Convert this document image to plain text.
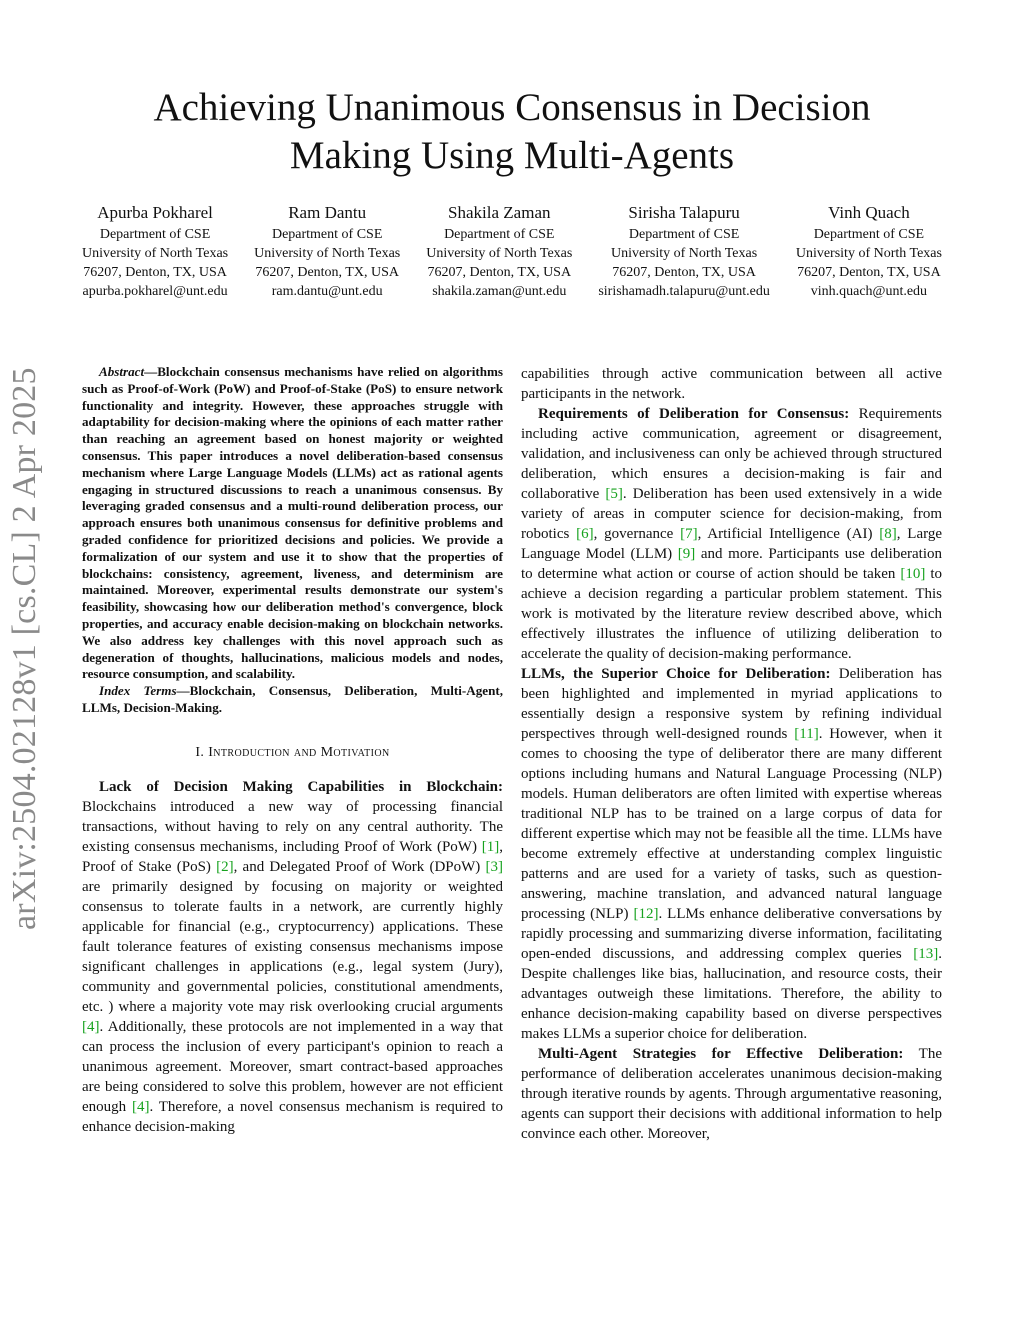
arXiv:2504.02128v1 [cs.CL] 2 Apr 2025
Achieving Unanimous Consensus in Decision Making Using Multi-Agents
Apurba Pokharel
Department of CSE
University of North Texas
76207, Denton, TX, USA
apurba.pokharel@unt.edu
Ram Dantu
Department of CSE
University of North Texas
76207, Denton, TX, USA
ram.dantu@unt.edu
Shakila Zaman
Department of CSE
University of North Texas
76207, Denton, TX, USA
shakila.zaman@unt.edu
Sirisha Talapuru
Department of CSE
University of North Texas
76207, Denton, TX, USA
sirishamadh.talapuru@unt.edu
Vinh Quach
Department of CSE
University of North Texas
76207, Denton, TX, USA
vinh.quach@unt.edu

Abstract—Blockchain consensus mechanisms have relied on algorithms such as Proof-of-Work (PoW) and Proof-of-Stake (PoS) to ensure network functionality and integrity. However, these approaches struggle with adaptability for decision-making where the opinions of each matter rather than reaching an agreement based on honest majority or weighted consensus. This paper introduces a novel deliberation-based consensus mechanism where Large Language Models (LLMs) act as rational agents engaging in structured discussions to reach a unanimous consensus. By leveraging graded consensus and a multi-round deliberation process, our approach ensures both unanimous consensus for definitive problems and graded confidence for prioritized decisions and policies. We provide a formalization of our system and use it to show that the properties of blockchains: consistency, agreement, liveness, and determinism are maintained. Moreover, experimental results demonstrate our system's feasibility, showcasing how our deliberation method's convergence, block properties, and accuracy enable decision-making on blockchain networks. We also address key challenges with this novel approach such as degeneration of thoughts, hallucinations, malicious models and nodes, resource consumption, and scalability.

Index Terms—Blockchain, Consensus, Deliberation, Multi-Agent, LLMs, Decision-Making.

I. Introduction and Motivation

Lack of Decision Making Capabilities in Blockchain: Blockchains introduced a new way of processing financial transactions, without having to rely on any central authority. The existing consensus mechanisms, including Proof of Work (PoW) [1], Proof of Stake (PoS) [2], and Delegated Proof of Work (DPoW) [3] are primarily designed by focusing on majority or weighted consensus to tolerate faults in a network, are currently highly applicable for financial (e.g., cryptocurrency) applications. These fault tolerance features of existing consensus mechanisms impose significant challenges in applications (e.g., legal system (Jury), community and governmental policies, constitutional amendments, etc. ) where a majority vote may risk overlooking crucial arguments [4]. Additionally, these protocols are not implemented in a way that can process the inclusion of every participant's opinion to reach a unanimous agreement. Moreover, smart contract-based approaches are being considered to solve this problem, however are not efficient enough [4]. Therefore, a novel consensus mechanism is required to enhance decision-making

capabilities through active communication between all active participants in the network.

Requirements of Deliberation for Consensus: Requirements including active communication, agreement or disagreement, validation, and inclusiveness can only be achieved through structured deliberation, which ensures a decision-making is fair and collaborative [5]. Deliberation has been used extensively in a wide variety of areas in computer science for decision-making, from robotics [6], governance [7], Artificial Intelligence (AI) [8], Large Language Model (LLM) [9] and more. Participants use deliberation to determine what action or course of action should be taken [10] to achieve a decision regarding a particular problem statement. This work is motivated by the literature review described above, which effectively illustrates the influence of utilizing deliberation to accelerate the quality of decision-making performance.

LLMs, the Superior Choice for Deliberation: Deliberation has been highlighted and implemented in myriad applications to essentially design a responsive system by refining individual perspectives through well-designed rounds [11]. However, when it comes to choosing the type of deliberator there are many different options including humans and Natural Language Processing (NLP) models. Human deliberators are often limited with expertise whereas traditional NLP has to be trained on a large corpus of data for different expertise which may not be feasible all the time. LLMs have become extremely effective at understanding complex linguistic patterns and are used for a variety of tasks, such as question-answering, machine translation, and advanced natural language processing (NLP) [12]. LLMs enhance deliberative conversations by rapidly processing and summarizing diverse information, facilitating open-ended discussions, and addressing complex queries [13]. Despite challenges like bias, hallucination, and resource costs, their advantages outweigh these limitations. Therefore, the ability to enhance decision-making capability based on diverse perspectives makes LLMs a superior choice for deliberation.

Multi-Agent Strategies for Effective Deliberation: The performance of deliberation accelerates unanimous decision-making through iterative rounds by agents. Through argumentative reasoning, agents can support their decisions with additional information to help convince each other. Moreover,
